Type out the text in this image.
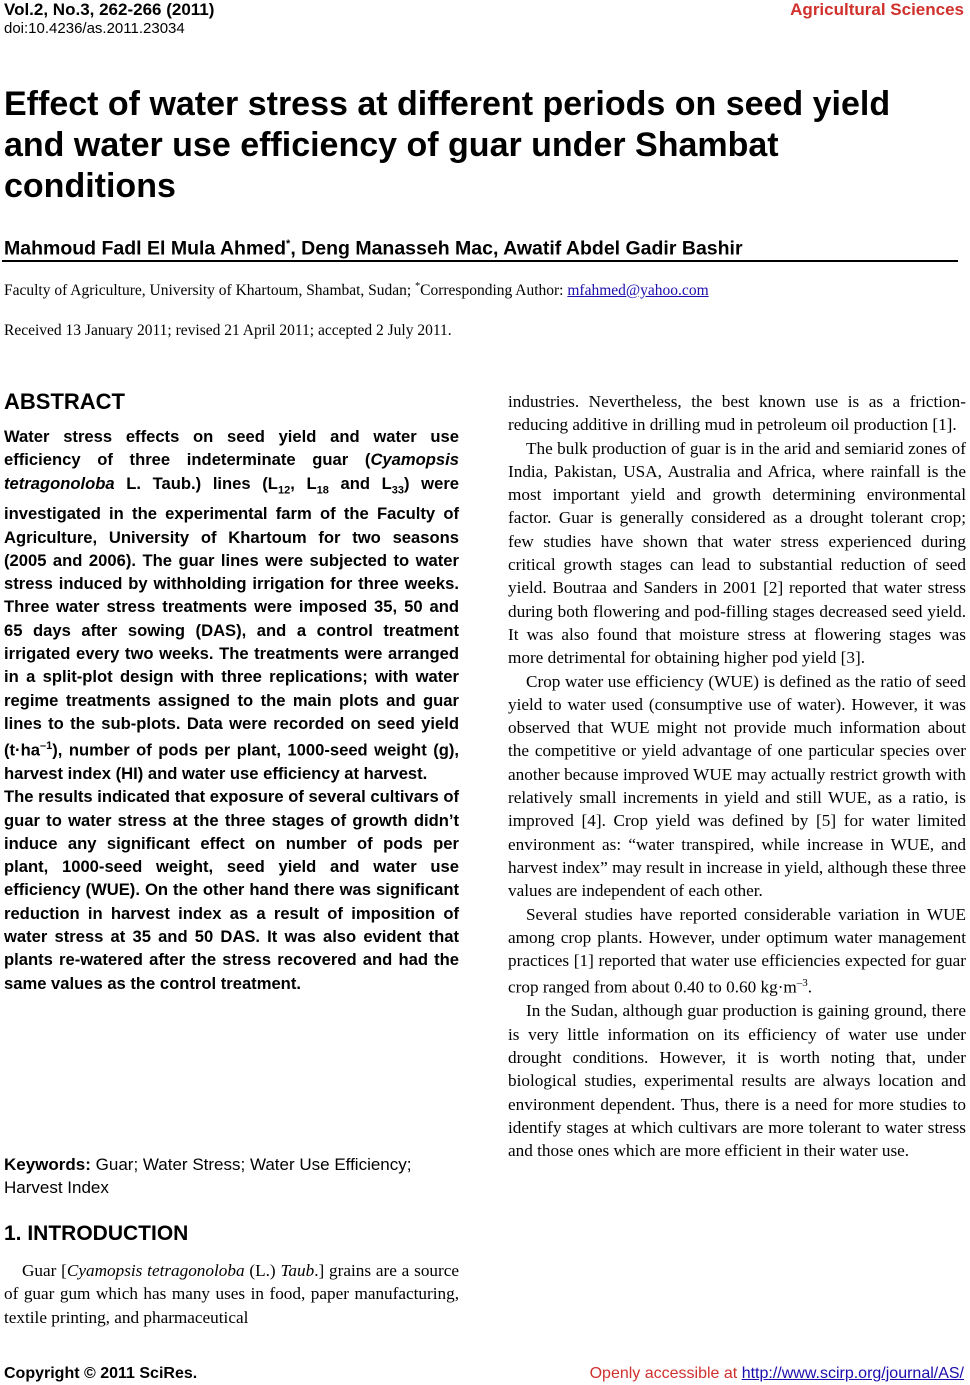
Vol.2, No.3, 262-266 (2011)
doi:10.4236/as.2011.23034
Agricultural Sciences
Effect of water stress at different periods on seed yield and water use efficiency of guar under Shambat conditions
Mahmoud Fadl El Mula Ahmed*, Deng Manasseh Mac, Awatif Abdel Gadir Bashir
Faculty of Agriculture, University of Khartoum, Shambat, Sudan; *Corresponding Author: mfahmed@yahoo.com
Received 13 January 2011; revised 21 April 2011; accepted 2 July 2011.
ABSTRACT

Water stress effects on seed yield and water use efficiency of three indeterminate guar (Cyamopsis tetragonoloba L. Taub.) lines ($L_{12}$, $L_{18}$ and $L_{33}$) were investigated in the experimental farm of the Faculty of Agriculture, University of Khartoum for two seasons (2005 and 2006). The guar lines were subjected to water stress induced by withholding irrigation for three weeks. Three water stress treatments were imposed 35, 50 and 65 days after sowing (DAS), and a control treatment irrigated every two weeks. The treatments were arranged in a split-plot design with three replications; with water regime treatments assigned to the main plots and guar lines to the sub-plots. Data were recorded on seed yield $(t\cdot ha^{-1})$, number of pods per plant, 1000-seed weight (g), harvest index (HI) and water use efficiency at harvest.

The results indicated that exposure of several cultivars of guar to water stress at the three stages of growth didn’t induce any significant effect on number of pods per plant, 1000-seed weight, seed yield and water use efficiency (WUE). On the other hand there was significant reduction in harvest index as a result of imposition of water stress at 35 and 50 DAS. It was also evident that plants re-watered after the stress recovered and had the same values as the control treatment.

Keywords: Guar; Water Stress; Water Use Efficiency; Harvest Index
1. INTRODUCTION

Guar [Cyamopsis tetragonoloba (L.) Taub.] grains are a source of guar gum which has many uses in food, paper manufacturing, textile printing, and pharmaceutical

industries. Nevertheless, the best known use is as a friction-reducing additive in drilling mud in petroleum oil production [1].

The bulk production of guar is in the arid and semiarid zones of India, Pakistan, USA, Australia and Africa, where rainfall is the most important yield and growth determining environmental factor. Guar is generally considered as a drought tolerant crop; few studies have shown that water stress experienced during critical growth stages can lead to substantial reduction of seed yield. Boutraa and Sanders in 2001 [2] reported that water stress during both flowering and pod-filling stages decreased seed yield. It was also found that moisture stress at flowering stages was more detrimental for obtaining higher pod yield [3].

Crop water use efficiency (WUE) is defined as the ratio of seed yield to water used (consumptive use of water). However, it was observed that WUE might not provide much information about the competitive or yield advantage of one particular species over another because improved WUE may actually restrict growth with relatively small increments in yield and still WUE, as a ratio, is improved [4]. Crop yield was defined by [5] for water limited environment as: “water transpired, while increase in WUE, and harvest index” may result in increase in yield, although these three values are independent of each other.

Several studies have reported considerable variation in WUE among crop plants. However, under optimum water management practices [1] reported that water use efficiencies expected for guar crop ranged from about 0.40 to 0.60 $kg\cdot m^{-3}$.

In the Sudan, although guar production is gaining ground, there is very little information on its efficiency of water use under drought conditions. However, it is worth noting that, under biological studies, experimental results are always location and environment dependent. Thus, there is a need for more studies to identify stages at which cultivars are more tolerant to water stress and those ones which are more efficient in their water use.

Copyright © 2011 SciRes.	Openly accessible at http://www.scirp.org/journal/AS/
